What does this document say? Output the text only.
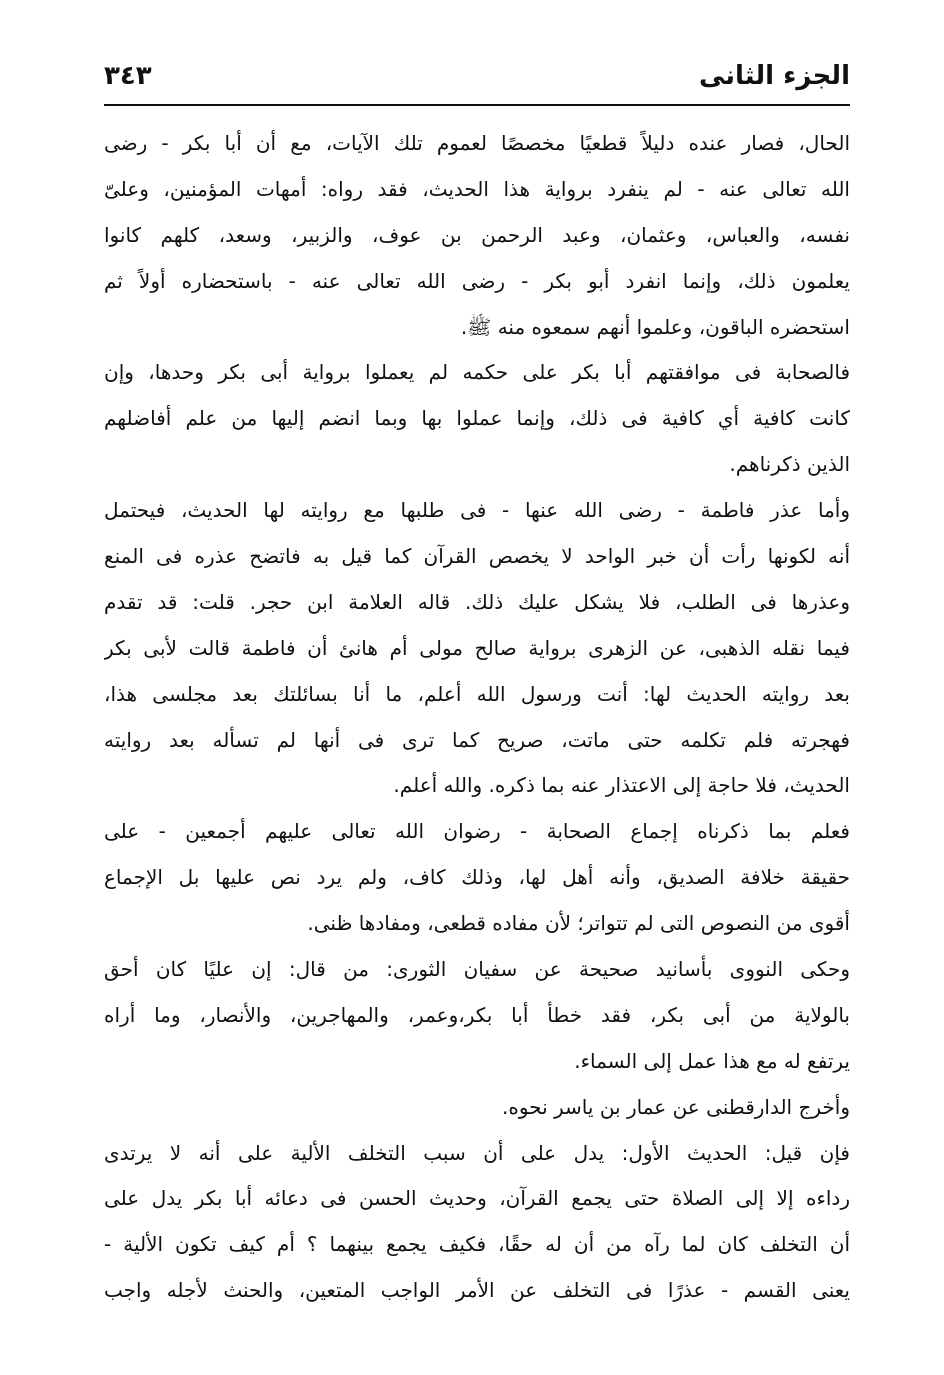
الجزء الثانى
٣٤٣
الحال، فصار عنده دليلاً قطعيًا مخصصًا لعموم تلك الآيات، مع أن أبا بكر - رضى
الله تعالى عنه - لم ينفرد برواية هذا الحديث، فقد رواه: أمهات المؤمنين، وعلىّ
نفسه، والعباس، وعثمان، وعبد الرحمن بن عوف، والزبير، وسعد، كلهم كانوا
يعلمون ذلك، وإنما انفرد أبو بكر - رضى الله تعالى عنه - باستحضاره أولاً ثم
استحضره الباقون، وعلموا أنهم سمعوه منه ﷺ.
فالصحابة فى موافقتهم أبا بكر على حكمه لم يعملوا برواية أبى بكر وحدها، وإن
كانت كافية أي كافية فى ذلك، وإنما عملوا بها وبما انضم إليها من علم أفاضلهم
الذين ذكرناهم.
وأما عذر فاطمة - رضى الله عنها - فى طلبها مع روايته لها الحديث، فيحتمل
أنه لكونها رأت أن خبر الواحد لا يخصص القرآن كما قيل به فاتضح عذره فى المنع
وعذرها فى الطلب، فلا يشكل عليك ذلك. قاله العلامة ابن حجر. قلت: قد تقدم
فيما نقله الذهبى، عن الزهرى برواية صالح مولى أم هانئ أن فاطمة قالت لأبى بكر
بعد روايته الحديث لها: أنت ورسول الله أعلم، ما أنا بسائلتك بعد مجلسى هذا،
فهجرته فلم تكلمه حتى ماتت، صريح كما ترى فى أنها لم تسأله بعد روايته
الحديث، فلا حاجة إلى الاعتذار عنه بما ذكره. والله أعلم.
فعلم بما ذكرناه إجماع الصحابة - رضوان الله تعالى عليهم أجمعين - على
حقيقة خلافة الصديق، وأنه أهل لها، وذلك كاف، ولم يرد نص عليها بل الإجماع
أقوى من النصوص التى لم تتواتر؛ لأن مفاده قطعى، ومفادها ظنى.
وحكى النووى بأسانيد صحيحة عن سفيان الثورى: من قال: إن عليًا كان أحق
بالولاية من أبى بكر، فقد خطأ أبا بكر،وعمر، والمهاجرين، والأنصار، وما أراه
يرتفع له مع هذا عمل إلى السماء.
وأخرج الدارقطنى عن عمار بن ياسر نحوه.
فإن قيل: الحديث الأول: يدل على أن سبب التخلف الألية على أنه لا يرتدى
رداءه إلا إلى الصلاة حتى يجمع القرآن، وحديث الحسن فى دعائه أبا بكر يدل على
أن التخلف كان لما رآه من أن له حقًا، فكيف يجمع بينهما ؟ أم كيف تكون الألية -
يعنى القسم - عذرًا فى التخلف عن الأمر الواجب المتعين، والحنث لأجله واجب
